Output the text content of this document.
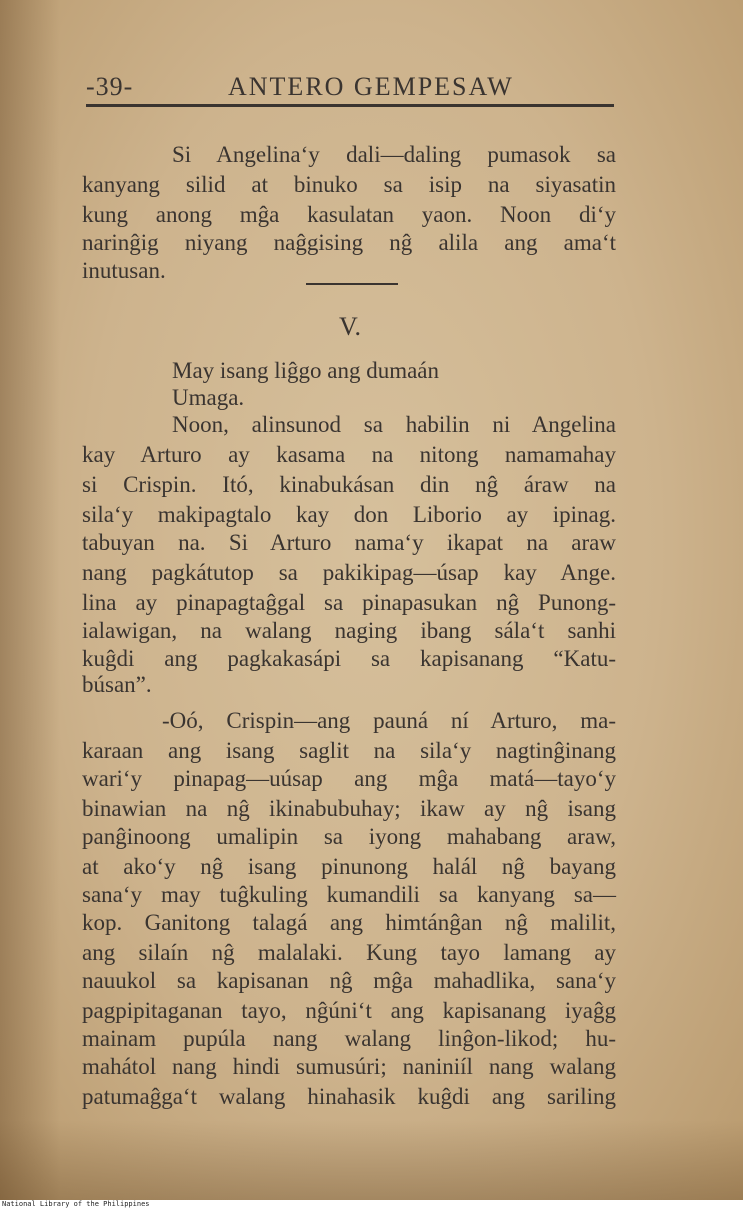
-39-	ANTERO GEMPESAW
Si Angelina‘y dali—daling pumasok sa
kanyang silid at binuko sa isip na siyasatin
kung anong mĝa kasulatan yaon. Noon di‘y
narinĝig niyang naĝgising nĝ alila ang ama‘t
inutusan.
V.
May isang liĝgo ang dumaán
Umaga.
Noon, alinsunod sa habilin ni Angelina
kay Arturo ay kasama na nitong namamahay
si Crispin. Itó, kinabukásan din nĝ áraw na
sila‘y makipagtalo kay don Liborio ay ipinag.
tabuyan na. Si Arturo nama‘y ikapat na araw
nang pagkátutop sa pakikipag—úsap kay Ange.
lina ay pinapagtaĝgal sa pinapasukan nĝ Punong-
ialawigan, na walang naging ibang sála‘t sanhi
kuĝdi ang pagkakasápi sa kapisanang “Katu-
búsan”.
-Oó, Crispin—ang pauná ní Arturo, ma-
karaan ang isang saglit na sila‘y nagtinĝinang
wari‘y pinapag—uúsap ang mĝa matá—tayo‘y
binawian na nĝ ikinabubuhay; ikaw ay nĝ isang
panĝinoong umalipin sa iyong mahabang araw,
at ako‘y nĝ isang pinunong halál nĝ bayang
sana‘y may tuĝkuling kumandili sa kanyang sa—
kop. Ganitong talagá ang himtánĝan nĝ malilit,
ang silaín nĝ malalaki. Kung tayo lamang ay
nauukol sa kapisanan nĝ mĝa mahadlika, sana‘y
pagpipitaganan tayo, nĝúni‘t ang kapisanang iyaĝg
mainam pupúla nang walang linĝon-likod; hu-
mahátol nang hindi sumusúri; naniniíl nang walang
patumaĝga‘t walang hinahasik kuĝdi ang sariling
National Library of the Philippines
